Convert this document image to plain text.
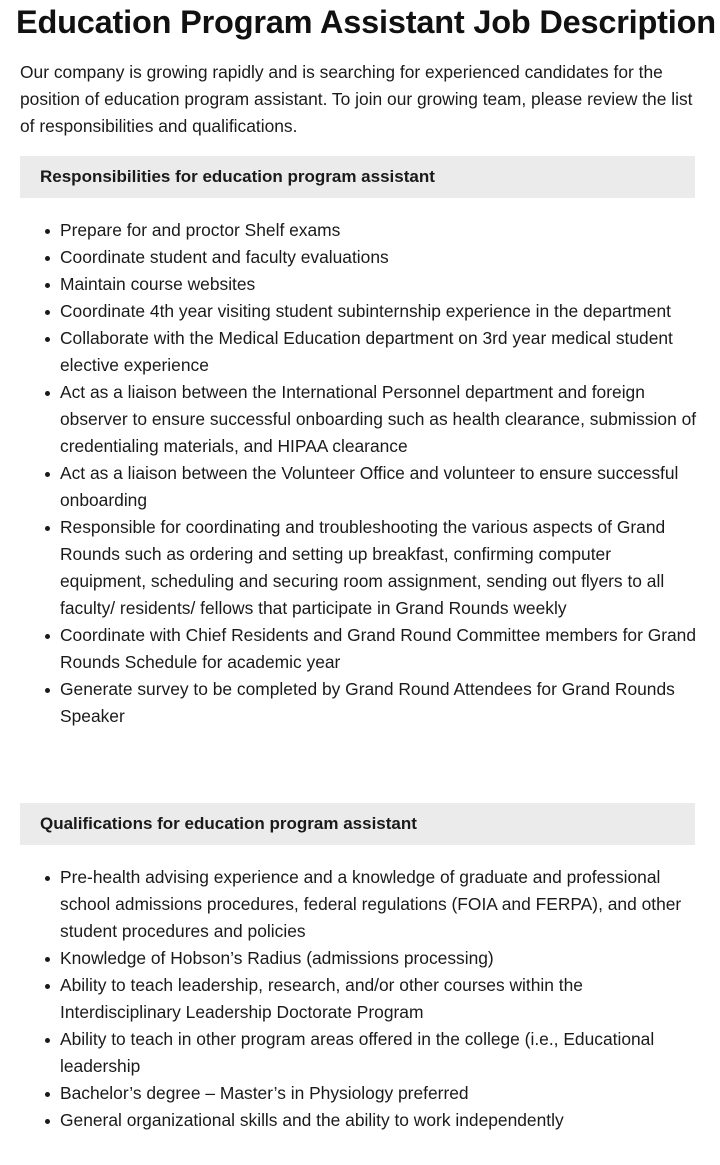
Education Program Assistant Job Description

Our company is growing rapidly and is searching for experienced candidates for the position of education program assistant. To join our growing team, please review the list of responsibilities and qualifications.

Responsibilities for education program assistant
Prepare for and proctor Shelf exams
Coordinate student and faculty evaluations
Maintain course websites
Coordinate 4th year visiting student subinternship experience in the department
Collaborate with the Medical Education department on 3rd year medical student elective experience
Act as a liaison between the International Personnel department and foreign observer to ensure successful onboarding such as health clearance, submission of credentialing materials, and HIPAA clearance
Act as a liaison between the Volunteer Office and volunteer to ensure successful onboarding
Responsible for coordinating and troubleshooting the various aspects of Grand Rounds such as ordering and setting up breakfast, confirming computer equipment, scheduling and securing room assignment, sending out flyers to all faculty/ residents/ fellows that participate in Grand Rounds weekly
Coordinate with Chief Residents and Grand Round Committee members for Grand Rounds Schedule for academic year
Generate survey to be completed by Grand Round Attendees for Grand Rounds Speaker
Qualifications for education program assistant
Pre-health advising experience and a knowledge of graduate and professional school admissions procedures, federal regulations (FOIA and FERPA), and other student procedures and policies
Knowledge of Hobson’s Radius (admissions processing)
Ability to teach leadership, research, and/or other courses within the Interdisciplinary Leadership Doctorate Program
Ability to teach in other program areas offered in the college (i.e., Educational leadership
Bachelor’s degree – Master’s in Physiology preferred
General organizational skills and the ability to work independently
